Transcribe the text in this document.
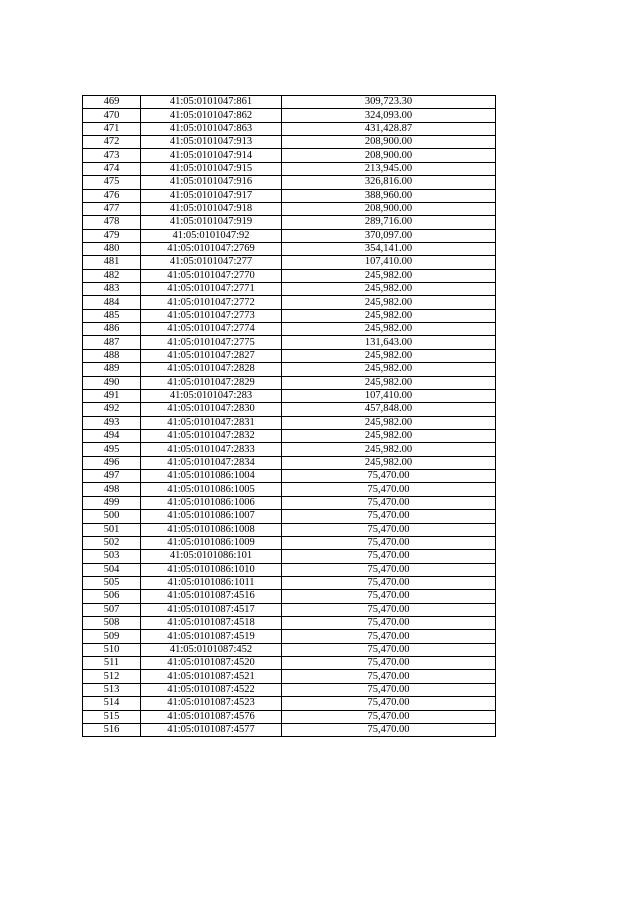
469	41:05:0101047:861	309,723.30
470	41:05:0101047:862	324,093.00
471	41:05:0101047:863	431,428.87
472	41:05:0101047:913	208,900.00
473	41:05:0101047:914	208,900.00
474	41:05:0101047:915	213,945.00
475	41:05:0101047:916	326,816.00
476	41:05:0101047:917	388,960.00
477	41:05:0101047:918	208,900.00
478	41:05:0101047:919	289,716.00
479	41:05:0101047:92	370,097.00
480	41:05:0101047:2769	354,141.00
481	41:05:0101047:277	107,410.00
482	41:05:0101047:2770	245,982.00
483	41:05:0101047:2771	245,982.00
484	41:05:0101047:2772	245,982.00
485	41:05:0101047:2773	245,982.00
486	41:05:0101047:2774	245,982.00
487	41:05:0101047:2775	131,643.00
488	41:05:0101047:2827	245,982.00
489	41:05:0101047:2828	245,982.00
490	41:05:0101047:2829	245,982.00
491	41:05:0101047:283	107,410.00
492	41:05:0101047:2830	457,848.00
493	41:05:0101047:2831	245,982.00
494	41:05:0101047:2832	245,982.00
495	41:05:0101047:2833	245,982.00
496	41:05:0101047:2834	245,982.00
497	41:05:0101086:1004	75,470.00
498	41:05:0101086:1005	75,470.00
499	41:05:0101086:1006	75,470.00
500	41:05:0101086:1007	75,470.00
501	41:05:0101086:1008	75,470.00
502	41:05:0101086:1009	75,470.00
503	41:05:0101086:101	75,470.00
504	41:05:0101086:1010	75,470.00
505	41:05:0101086:1011	75,470.00
506	41:05:0101087:4516	75,470.00
507	41:05:0101087:4517	75,470.00
508	41:05:0101087:4518	75,470.00
509	41:05:0101087:4519	75,470.00
510	41:05:0101087:452	75,470.00
511	41:05:0101087:4520	75,470.00
512	41:05:0101087:4521	75,470.00
513	41:05:0101087:4522	75,470.00
514	41:05:0101087:4523	75,470.00
515	41:05:0101087:4576	75,470.00
516	41:05:0101087:4577	75,470.00
